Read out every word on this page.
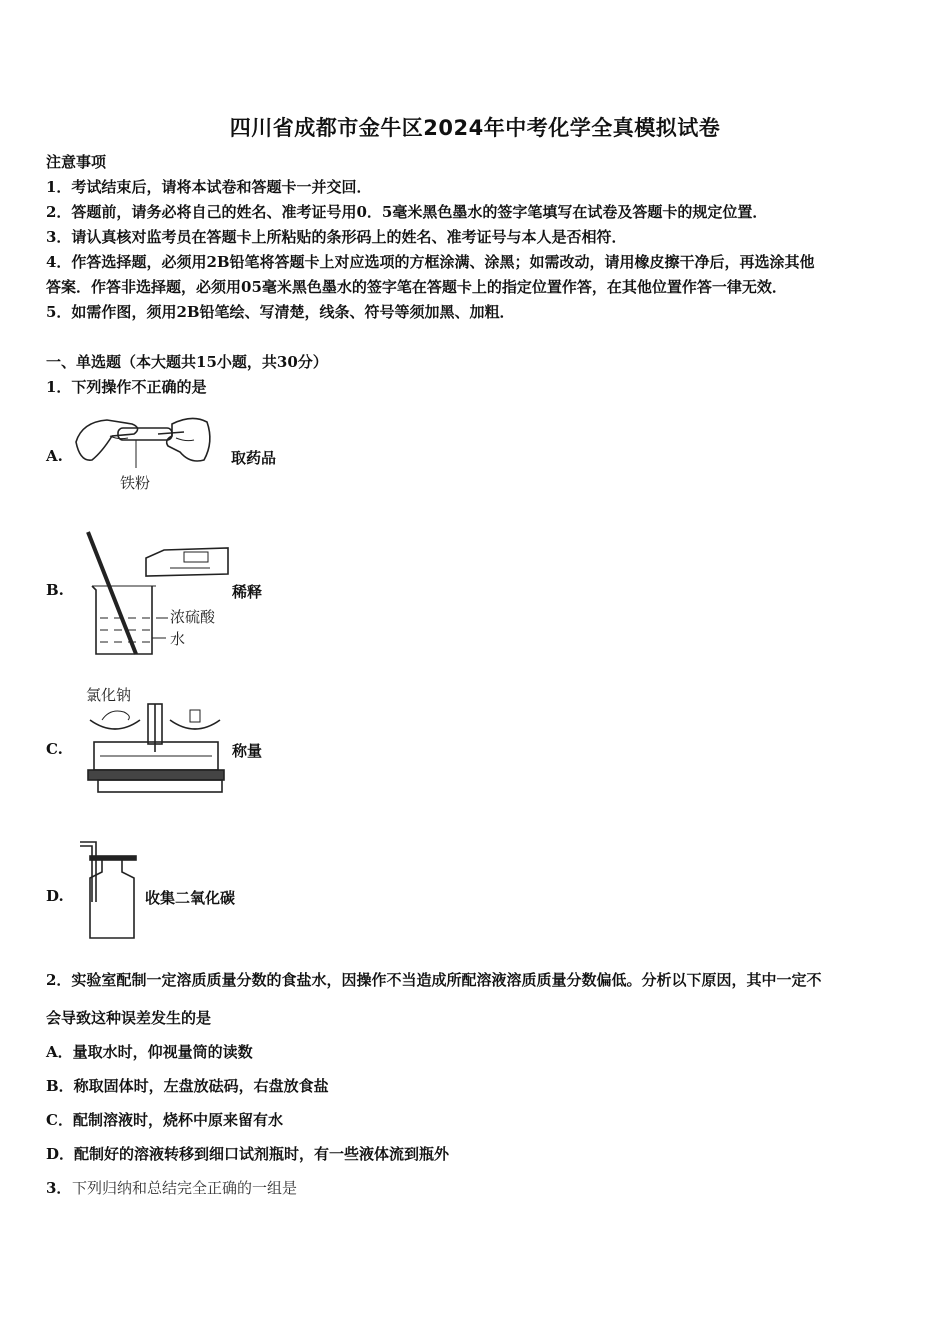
四川省成都市金牛区2024年中考化学全真模拟试卷
注意事项
1．考试结束后，请将本试卷和答题卡一并交回．
2．答题前，请务必将自己的姓名、准考证号用0．5毫米黑色墨水的签字笔填写在试卷及答题卡的规定位置．
3．请认真核对监考员在答题卡上所粘贴的条形码上的姓名、准考证号与本人是否相符．
4．作答选择题，必须用2B铅笔将答题卡上对应选项的方框涂满、涂黑；如需改动，请用橡皮擦干净后，再选涂其他
答案．作答非选择题，必须用05毫米黑色墨水的签字笔在答题卡上的指定位置作答，在其他位置作答一律无效．
5．如需作图，须用2B铅笔绘、写清楚，线条、符号等须加黑、加粗．
一、单选题（本大题共15小题，共30分）
1．下列操作不正确的是
A.
铁粉
取药品
B.
浓硫酸
水
稀释
C.
氯化钠
称量
D.	收集二氧化碳
2．实验室配制一定溶质质量分数的食盐水，因操作不当造成所配溶液溶质质量分数偏低。分析以下原因，其中一定不
会导致这种误差发生的是
A．量取水时，仰视量筒的读数
B．称取固体时，左盘放砝码，右盘放食盐
C．配制溶液时，烧杯中原来留有水
D．配制好的溶液转移到细口试剂瓶时，有一些液体流到瓶外
3． 下列归纳和总结完全正确的一组是
